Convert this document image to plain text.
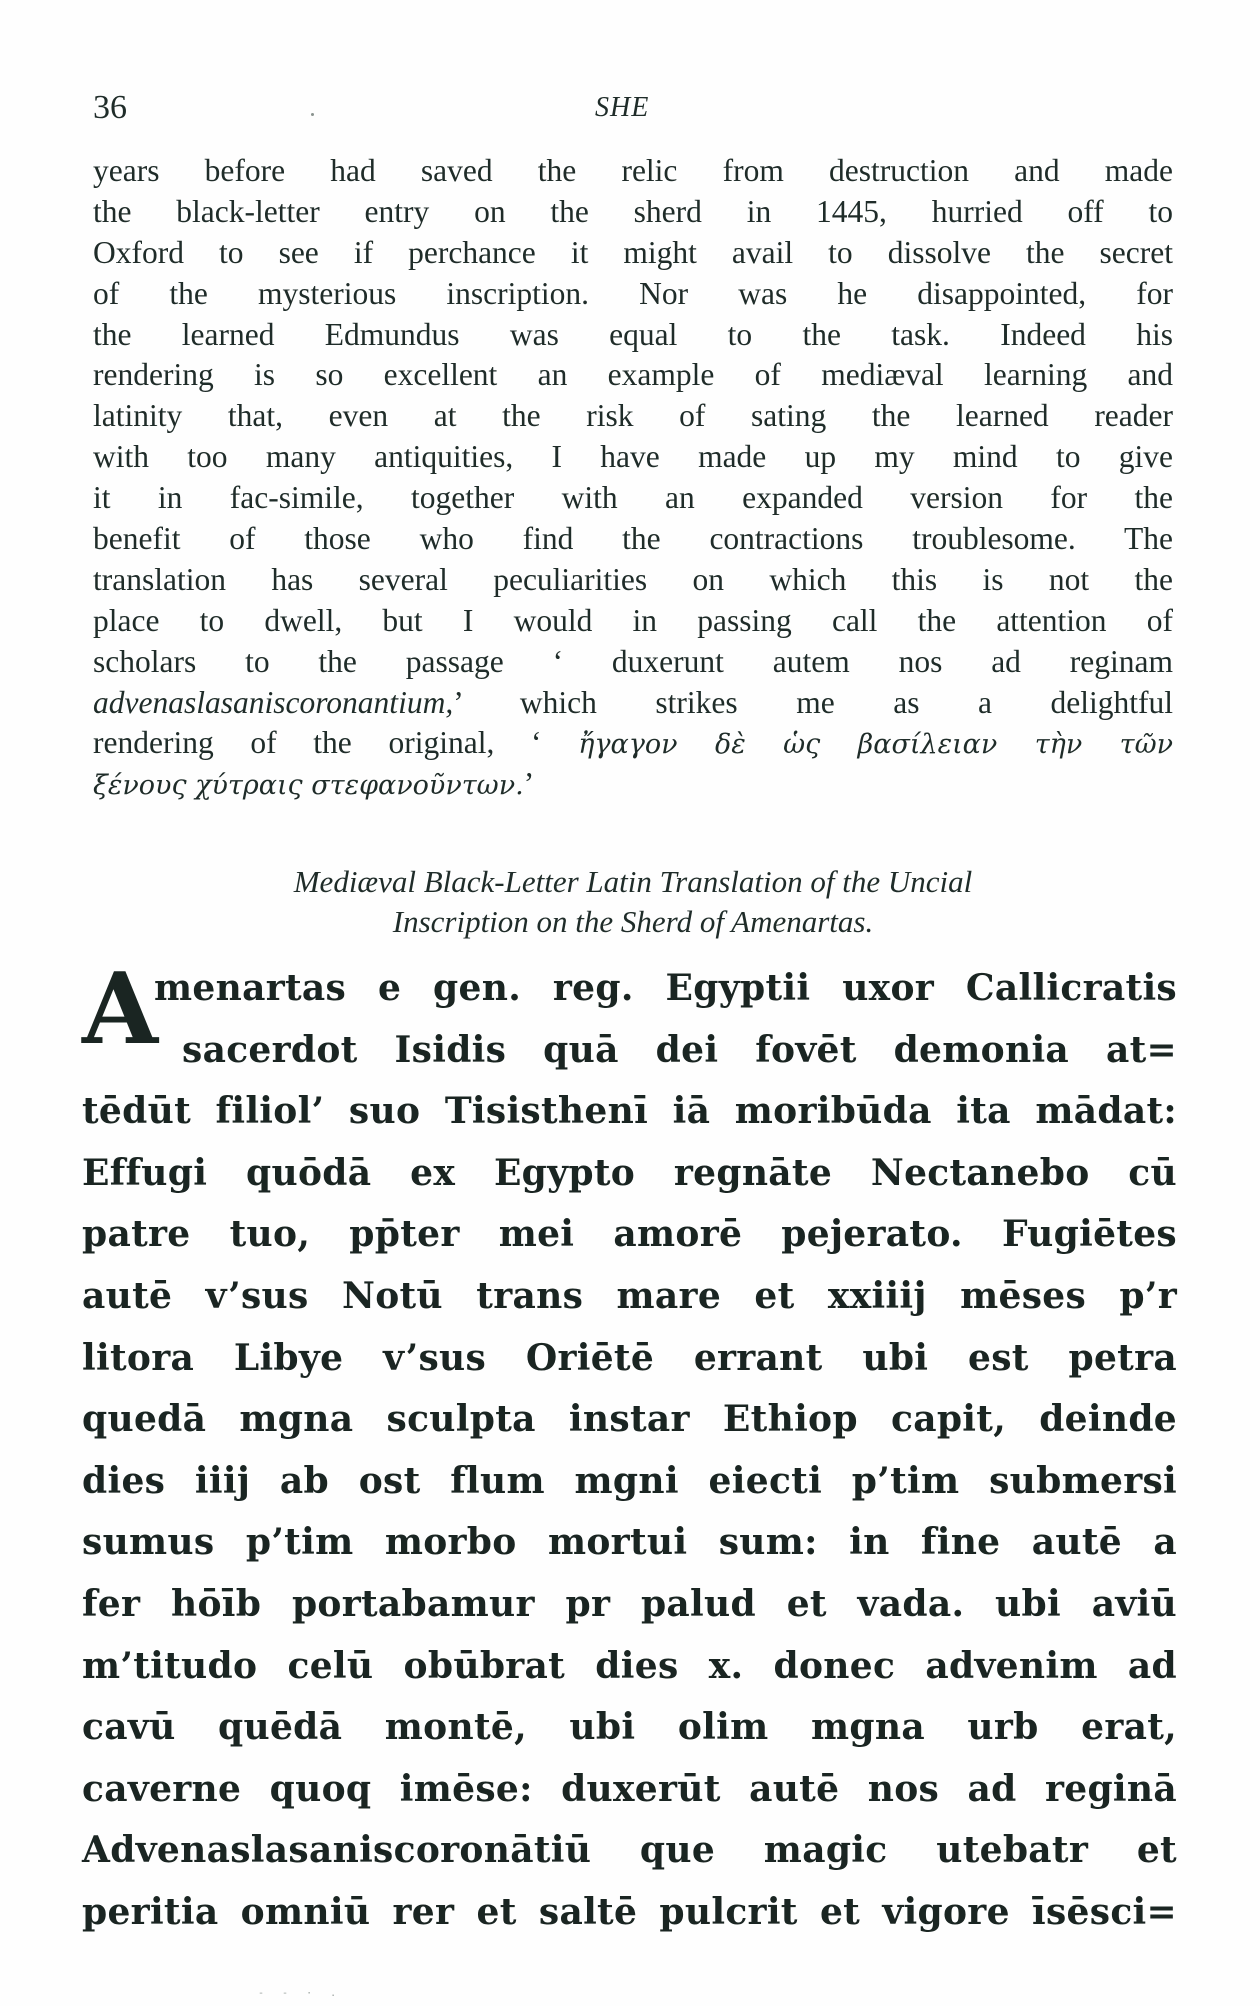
36	SHE
years before had saved the relic from destruction and made
the black-letter entry on the sherd in 1445, hurried off to
Oxford to see if perchance it might avail to dissolve the secret
of the mysterious inscription. Nor was he disappointed, for
the learned Edmundus was equal to the task. Indeed his
rendering is so excellent an example of mediæval learning and
latinity that, even at the risk of sating the learned reader
with too many antiquities, I have made up my mind to give
it in fac-simile, together with an expanded version for the
benefit of those who find the contractions troublesome. The
translation has several peculiarities on which this is not the
place to dwell, but I would in passing call the attention of
scholars to the passage ‘ duxerunt autem nos ad reginam
advenaslasaniscoronantium,’ which strikes me as a delightful
rendering of the original, ‘ ἤγαγον δὲ ὡς βασίλειαν τὴν τῶν
ξένους χύτραις στεφανοῦντων.’
Mediæval Black-Letter Latin Translation of the Uncial
Inscription on the Sherd of Amenartas.
A
menartas e gen. reg. Egyptii uxor Callicratis
sacerdot Isidis quā dei fovēt demonia at=
tēdūt filiol’ suo Tisisthenī iā moribūda ita mādat:
Effugi quōdā ex Egypto regnāte Nectanebo cū
patre tuo, pp̄ter mei amorē pejerato. Fugiētes
autē v’sus Notū trans mare et xxiiij mēses p’r
litora Libye v’sus Oriētē errant ubi est petra
quedā mgna sculpta instar Ethiop capit, deinde
dies iiij ab ost flum mgni eiecti p’tim submersi
sumus p’tim morbo mortui sum: in fine autē a
fer hōīb portabamur pr palud et vada. ubi aviū
m’titudo celū obūbrat dies x. donec advenim ad
cavū quēdā montē, ubi olim mgna urb erat,
caverne quoq imēse: duxerūt autē nos ad reginā
Advenaslasaniscoronātiū que magic utebatr et
peritia omniū rer et saltē pulcrit et vigore īsēsci=
- - · .
